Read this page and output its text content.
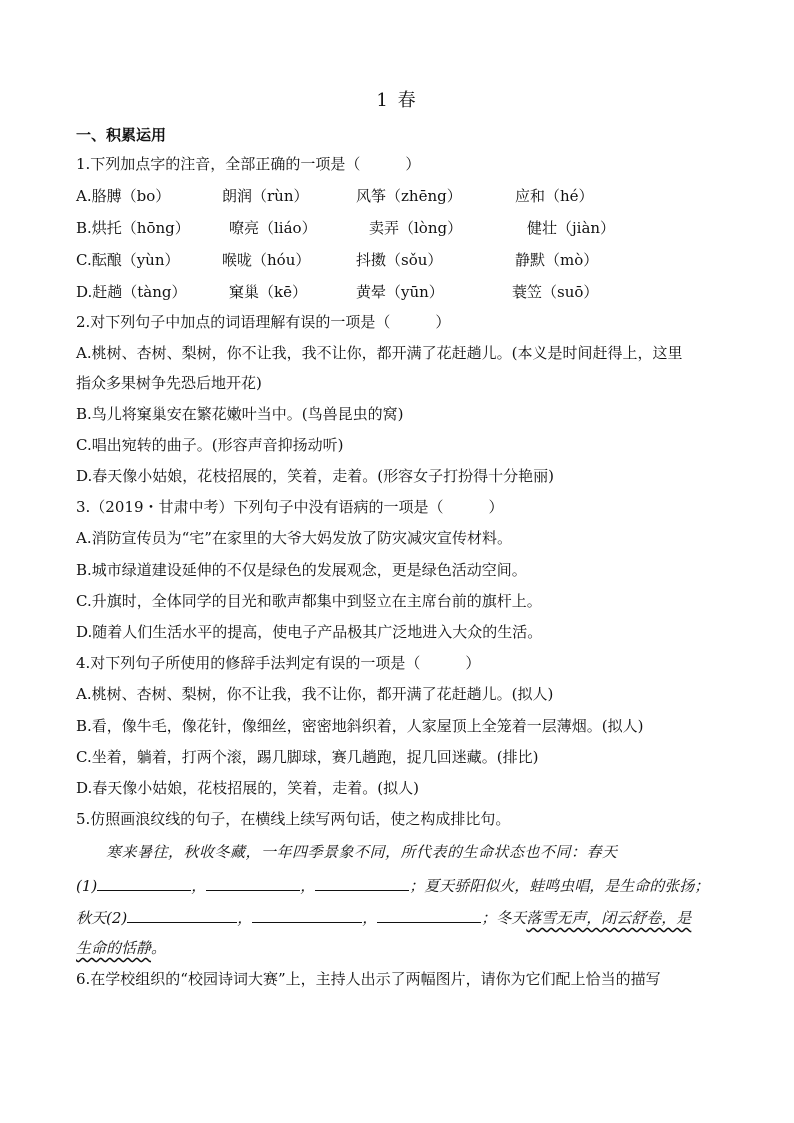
1 春
一、积累运用
1.下列加点字的注音，全部正确的一项是（　　　）
A.胳膊（bo）	朗润（rùn）	风筝（zhēng）	应和（hé）
B.烘托（hōng）	嘹亮（liáo）	卖弄（lòng）	健壮（jiàn）
C.酝酿（yùn）	喉咙（hóu）	抖擞（sǒu）	静默（mò）
D.赶趟（tàng）	窠巢（kē）	黄晕（yūn）	蓑笠（suō）
2.对下列句子中加点的词语理解有误的一项是（　　　）
A.桃树、杏树、梨树，你不让我，我不让你，都开满了花赶趟儿。(本义是时间赶得上，这里
指众多果树争先恐后地开花)
B.鸟儿将窠巢安在繁花嫩叶当中。(鸟兽昆虫的窝)
C.唱出宛转的曲子。(形容声音抑扬动听)
D.春天像小姑娘，花枝招展的，笑着，走着。(形容女子打扮得十分艳丽)
3.（2019・甘肃中考）下列句子中没有语病的一项是（　　　）
A.消防宣传员为“宅”在家里的大爷大妈发放了防灾减灾宣传材料。
B.城市绿道建设延伸的不仅是绿色的发展观念，更是绿色活动空间。
C.升旗时，全体同学的目光和歌声都集中到竖立在主席台前的旗杆上。
D.随着人们生活水平的提高，使电子产品极其广泛地进入大众的生活。
4.对下列句子所使用的修辞手法判定有误的一项是（　　　）
A.桃树、杏树、梨树，你不让我，我不让你，都开满了花赶趟儿。(拟人)
B.看，像牛毛，像花针，像细丝，密密地斜织着，人家屋顶上全笼着一层薄烟。(拟人)
C.坐着，躺着，打两个滚，踢几脚球，赛几趟跑，捉几回迷藏。(排比)
D.春天像小姑娘，花枝招展的，笑着，走着。(拟人)
5.仿照画浪纹线的句子，在横线上续写两句话，使之构成排比句。
寒来暑往，秋收冬藏，一年四季景象不同，所代表的生命状态也不同：春天
(1)	，	，	；夏天骄阳似火，蛙鸣虫唱，是生命的张扬；
秋天(2)	，	，	；冬天落雪无声，闭云舒卷，是
生命的恬静。
6.在学校组织的“校园诗词大赛”上，主持人出示了两幅图片，请你为它们配上恰当的描写
